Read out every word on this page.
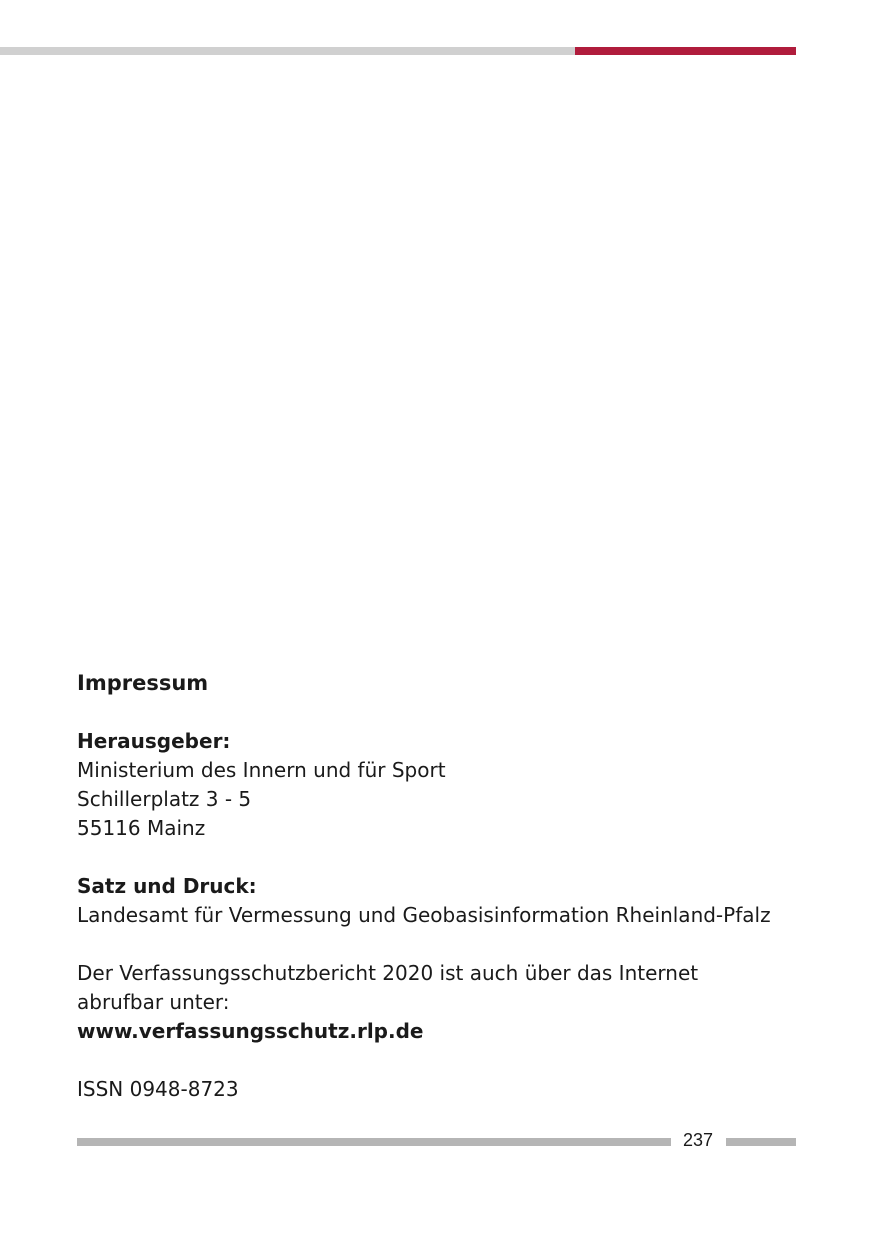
Impressum

Herausgeber:

Ministerium des Innern und für Sport

Schillerplatz 3 - 5

55116 Mainz

Satz und Druck:

Landesamt für Vermessung und Geobasisinformation Rheinland-Pfalz

Der Verfassungsschutzbericht 2020 ist auch über das Internet abrufbar unter:

www.verfassungsschutz.rlp.de

ISSN 0948-8723

237
